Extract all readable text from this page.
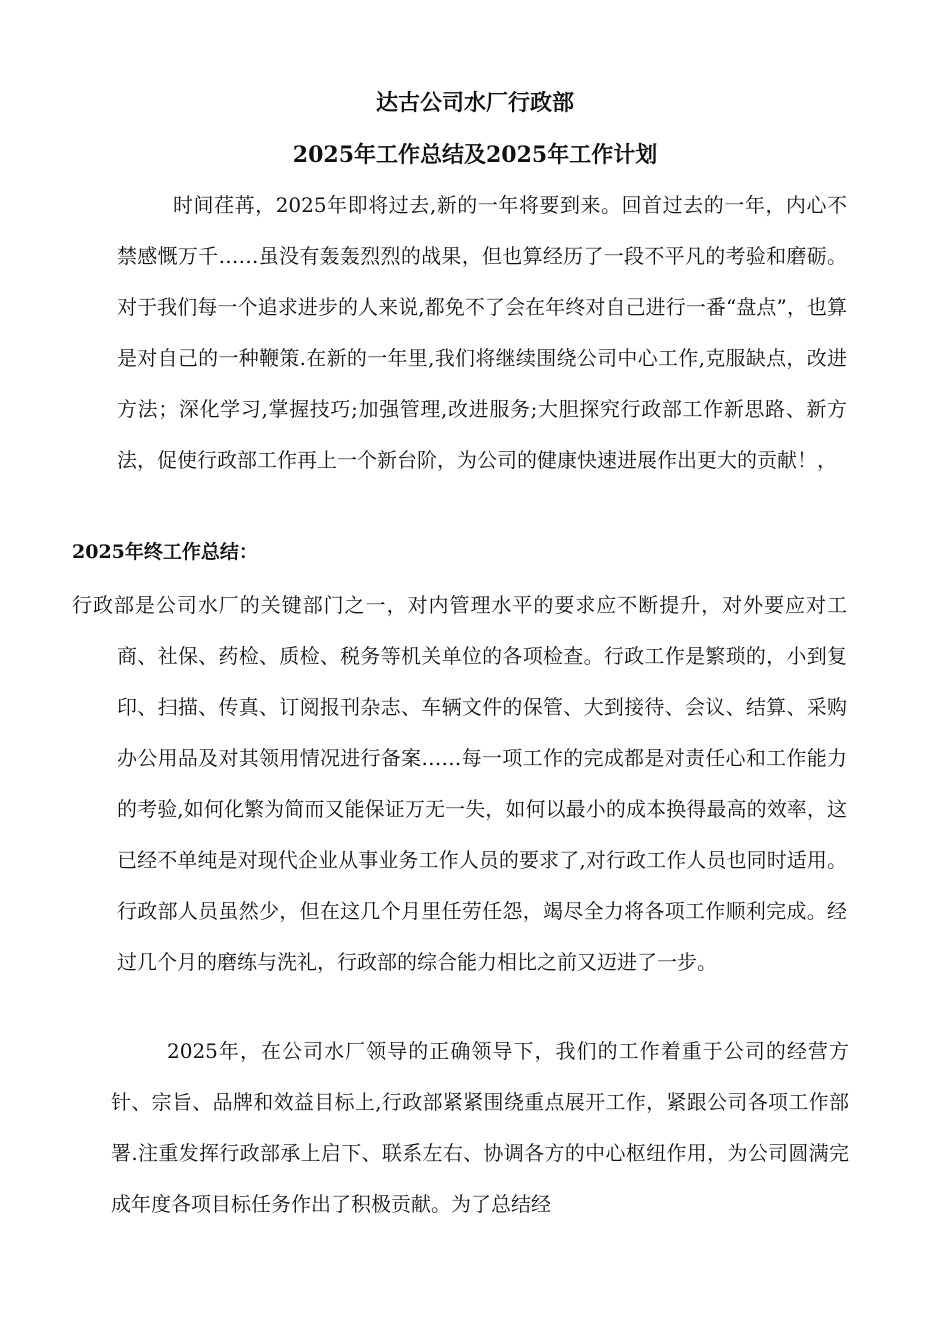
达古公司水厂行政部
2025年工作总结及2025年工作计划

时间荏苒，2025年即将过去,新的一年将要到来。回首过去的一年，内心不禁感慨万千……虽没有轰轰烈烈的战果，但也算经历了一段不平凡的考验和磨砺。对于我们每一个追求进步的人来说,都免不了会在年终对自己进行一番“盘点”，也算是对自己的一种鞭策.在新的一年里,我们将继续围绕公司中心工作,克服缺点，改进方法；深化学习,掌握技巧;加强管理,改进服务;大胆探究行政部工作新思路、新方法，促使行政部工作再上一个新台阶，为公司的健康快速进展作出更大的贡献！，

2025年终工作总结：

行政部是公司水厂的关键部门之一，对内管理水平的要求应不断提升，对外要应对工商、社保、药检、质检、税务等机关单位的各项检查。行政工作是繁琐的，小到复印、扫描、传真、订阅报刊杂志、车辆文件的保管、大到接待、会议、结算、采购办公用品及对其领用情况进行备案……每一项工作的完成都是对责任心和工作能力的考验,如何化繁为简而又能保证万无一失，如何以最小的成本换得最高的效率，这已经不单纯是对现代企业从事业务工作人员的要求了,对行政工作人员也同时适用。行政部人员虽然少，但在这几个月里任劳任怨，竭尽全力将各项工作顺利完成。经过几个月的磨练与洗礼，行政部的综合能力相比之前又迈进了一步。

2025年，在公司水厂领导的正确领导下，我们的工作着重于公司的经营方针、宗旨、品牌和效益目标上,行政部紧紧围绕重点展开工作，紧跟公司各项工作部署.注重发挥行政部承上启下、联系左右、协调各方的中心枢纽作用，为公司圆满完成年度各项目标任务作出了积极贡献。为了总结经
